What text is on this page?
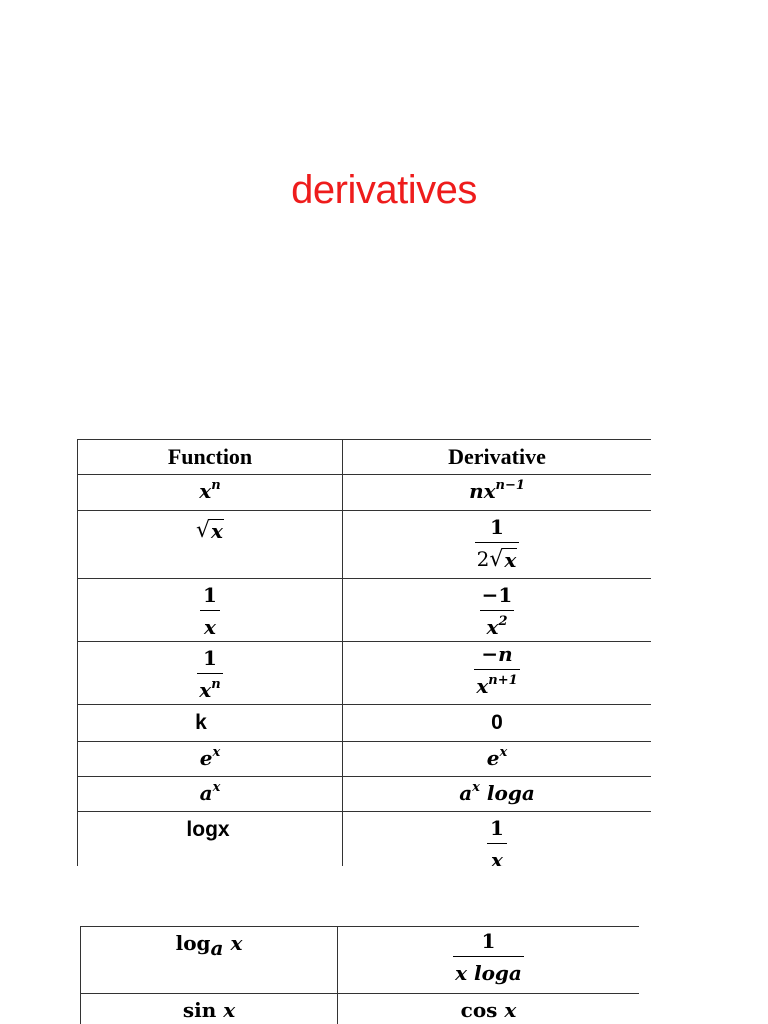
derivatives
Function	Derivative

$x^n$	$nx^{n-1}$

√ x	$\frac{1}{2 √ x}$

$\frac{1}{x}$	$\frac{-1}{x^2}$

$\frac{1}{x^n}$	$\frac{-n}{x^{n+1}}$

k	0

$e^x$	$e^x$

$a^x$	$a^x$ loga

logx	$\frac{1}{x}$
$\log_a x$	$\frac{1}{\text{x loga}}$

sin x	cos x
